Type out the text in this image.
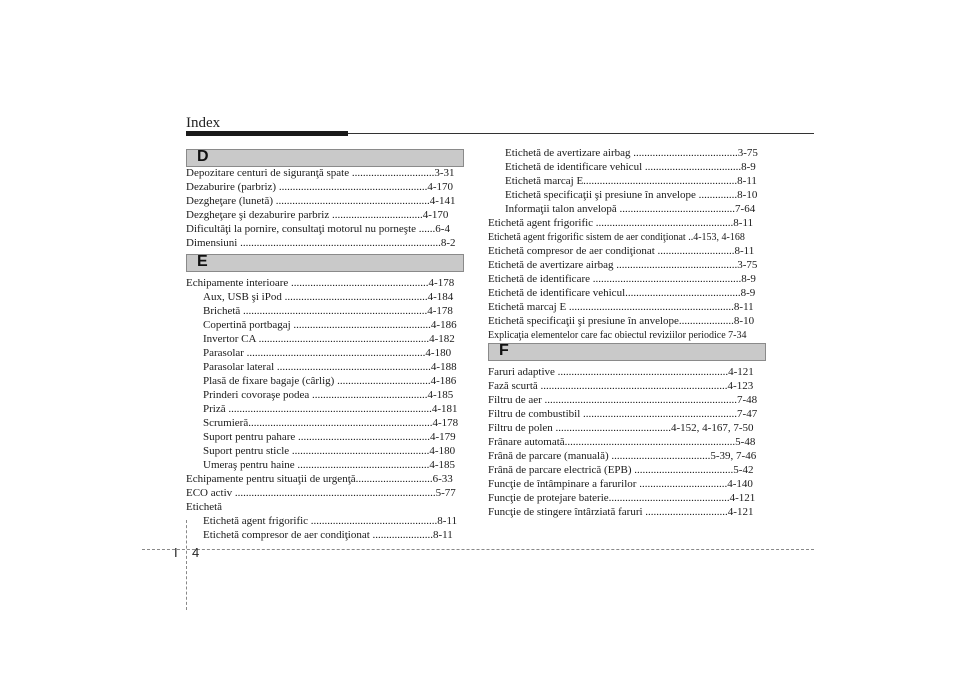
Index
D
Depozitare centuri de siguranţă spate ..............................3-31
Dezaburire (parbriz) ......................................................4-170
Dezgheţare (lunetă) ........................................................4-141
Dezgheţare şi dezaburire parbriz .................................4-170
Dificultăţi la pornire, consultaţi motorul nu porneşte ......6-4
Dimensiuni .........................................................................8-2
E
Echipamente interioare ..................................................4-178
Aux, USB şi iPod ....................................................4-184
Brichetă ...................................................................4-178
Copertină portbagaj ..................................................4-186
Invertor CA ..............................................................4-182
Parasolar .................................................................4-180
Parasolar lateral ........................................................4-188
Plasă de fixare bagaje (cârlig) ..................................4-186
Prinderi covoraşe podea ..........................................4-185
Priză ..........................................................................4-181
Scrumieră...................................................................4-178
Suport pentru pahare ................................................4-179
Suport pentru sticle ..................................................4-180
Umeraş pentru haine ................................................4-185
Echipamente pentru situaţii de urgenţă............................6-33
ECO activ .........................................................................5-77
Etichetă
Etichetă agent frigorific ..............................................8-11
Etichetă compresor de aer condiţionat ......................8-11
Etichetă de avertizare airbag ......................................3-75
Etichetă de identificare vehicul ...................................8-9
Etichetă marcaj E........................................................8-11
Etichetă specificaţii şi presiune în anvelope ..............8-10
Informaţii talon anvelopă ..........................................7-64
Etichetă agent frigorific ..................................................8-11
Etichetă agent frigorific sistem de aer condiţionat ..4-153, 4-168
Etichetă compresor de aer condiţionat ............................8-11
Etichetă de avertizare airbag ............................................3-75
Etichetă de identificare ......................................................8-9
Etichetă de identificare vehicul..........................................8-9
Etichetă marcaj E ............................................................8-11
Etichetă specificaţii şi presiune în anvelope....................8-10
Explicaţia elementelor care fac obiectul reviziilor periodice 7-34
F
Faruri adaptive ..............................................................4-121
Fază scurtă ....................................................................4-123
Filtru de aer ......................................................................7-48
Filtru de combustibil ........................................................7-47
Filtru de polen ..........................................4-152, 4-167, 7-50
Frânare automată..............................................................5-48
Frână de parcare (manuală) ....................................5-39, 7-46
Frână de parcare electrică (EPB) ....................................5-42
Funcţie de întâmpinare a farurilor ................................4-140
Funcţie de protejare baterie............................................4-121
Funcţie de stingere întârziată faruri ..............................4-121
I 4
